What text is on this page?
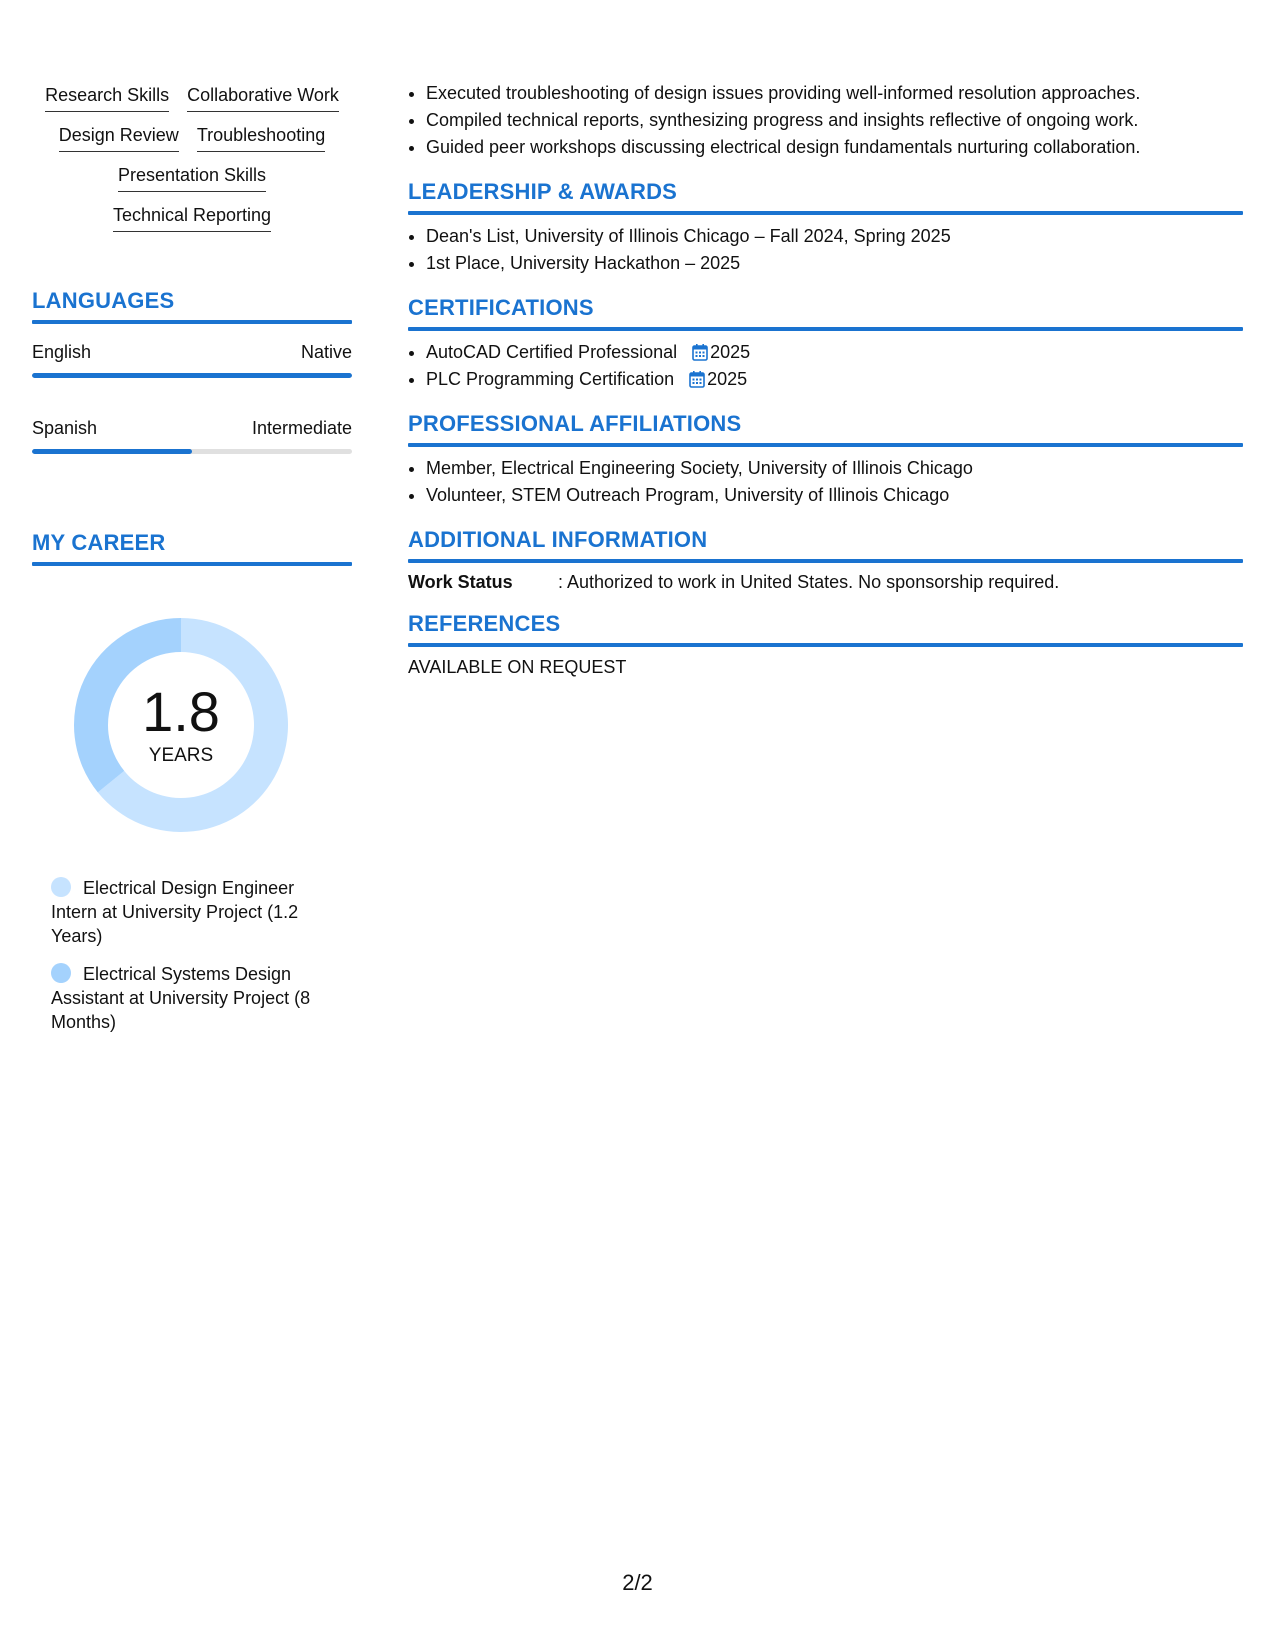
Research Skills Collaborative Work
Design Review Troubleshooting
Presentation Skills
Technical Reporting
LANGUAGES
English	Native
Spanish	Intermediate
MY CAREER
1.8
YEARS
Electrical Design Engineer Intern at University Project (1.2 Years)
Electrical Systems Design Assistant at University Project (8 Months)
• Executed troubleshooting of design issues providing well-informed resolution approaches.
• Compiled technical reports, synthesizing progress and insights reflective of ongoing work.
• Guided peer workshops discussing electrical design fundamentals nurturing collaboration.
LEADERSHIP & AWARDS
• Dean's List, University of Illinois Chicago – Fall 2024, Spring 2025
• 1st Place, University Hackathon – 2025
CERTIFICATIONS
• AutoCAD Certified Professional 2025
• PLC Programming Certification 2025
PROFESSIONAL AFFILIATIONS
• Member, Electrical Engineering Society, University of Illinois Chicago
• Volunteer, STEM Outreach Program, University of Illinois Chicago
ADDITIONAL INFORMATION
Work Status	: Authorized to work in United States. No sponsorship required.
REFERENCES
AVAILABLE ON REQUEST
2/2
